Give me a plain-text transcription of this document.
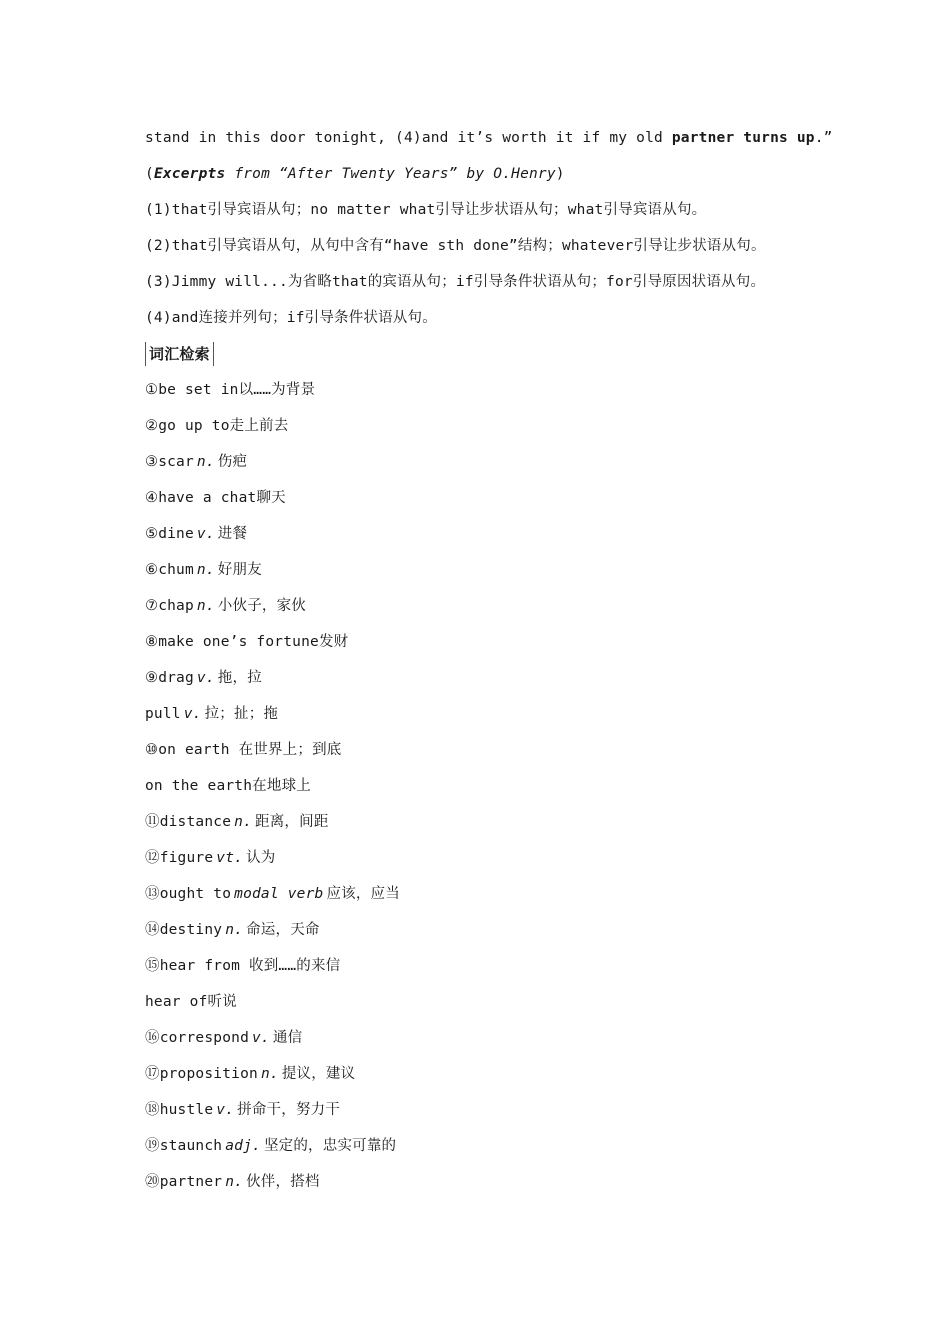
stand in this door tonight, (4)and it’s worth it if my old partner turns up.”
(Excerpts from “After Twenty Years” by O.Henry)
(1)that引导宾语从句；no matter what引导让步状语从句；what引导宾语从句。
(2)that引导宾语从句，从句中含有“have sth done”结构；whatever引导让步状语从句。
(3)Jimmy will...为省略that的宾语从句；if引导条件状语从句；for引导原因状语从句。
(4)and连接并列句；if引导条件状语从句。
词汇检索
①be set in以……为背景
②go up to走上前去
③scar n. 伤疤
④have a chat聊天
⑤dine v. 进餐
⑥chum n. 好朋友
⑦chap n. 小伙子，家伙
⑧make one’s fortune发财
⑨drag v. 拖，拉
pull v. 拉；扯；拖
⑩on earth 在世界上；到底
on the earth在地球上
⑪distance n. 距离，间距
⑫figure vt. 认为
⑬ought to modal verb 应该，应当
⑭destiny n. 命运，天命
⑮hear from 收到……的来信
hear of听说
⑯correspond v. 通信
⑰proposition n. 提议，建议
⑱hustle v. 拼命干，努力干
⑲staunch adj. 坚定的，忠实可靠的
⑳partner n. 伙伴，搭档
